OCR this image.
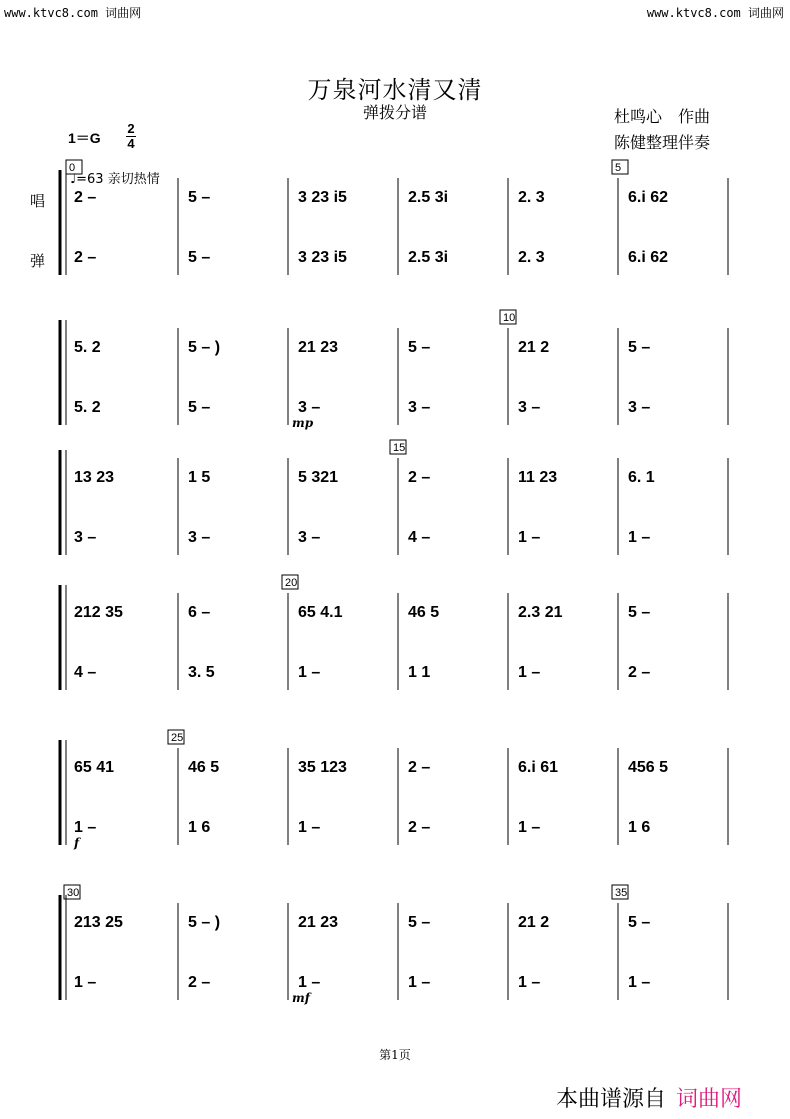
www.ktvc8.com 词曲网	www.ktvc8.com 词曲网
万泉河水清又清
弹拨分谱	杜鸣心　作曲
陈健整理伴奏
1＝G
2
4
♩=63 亲切热情
唱
弹
2 –	5 –	3 23 i5	2.5 3i	2. 3	6.i 62
2 –	5 –	3 23 i5	2.5 3i	2. 3	6.i 62
0	5
5. 2	5 – )	21 23	5 –	21 2	5 –
5. 2	5 –	3 –	3 –	3 –	3 –
10
mp
13 23	1 5	5 321	2 –	11 23	6. 1
3 –	3 –	3 –	4 –	1 –	1 –
15
212 35	6 –	65 4.1	46 5	2.3 21	5 –
4 –	3. 5	1 –	1 1	1 –	2 –
20
65 41	46 5	35 123	2 –	6.i 61	456 5
1 –	1 6	1 –	2 –	1 –	1 6
25
f
213 25	5 – )	21 23	5 –	21 2	5 –
1 –	2 –	1 –	1 –	1 –	1 –
30	35
mf
第1页
本曲谱源自 词曲网
